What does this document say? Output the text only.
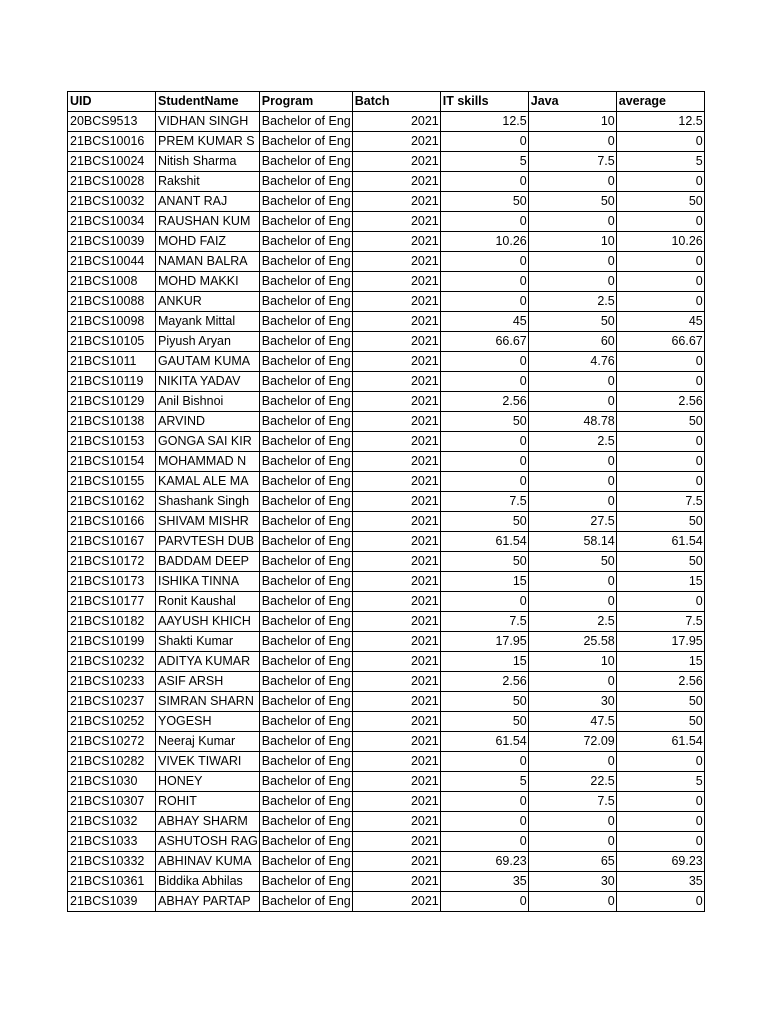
UID	StudentName	Program	Batch	IT skills	Java	average
20BCS9513	VIDHAN SINGH	Bachelor of Eng	2021	12.5	10	12.5
21BCS10016	PREM KUMAR S	Bachelor of Eng	2021	0	0	0
21BCS10024	Nitish Sharma	Bachelor of Eng	2021	5	7.5	5
21BCS10028	Rakshit	Bachelor of Eng	2021	0	0	0
21BCS10032	ANANT RAJ	Bachelor of Eng	2021	50	50	50
21BCS10034	RAUSHAN KUM	Bachelor of Eng	2021	0	0	0
21BCS10039	MOHD FAIZ	Bachelor of Eng	2021	10.26	10	10.26
21BCS10044	NAMAN BALRA	Bachelor of Eng	2021	0	0	0
21BCS1008	MOHD MAKKI	Bachelor of Eng	2021	0	0	0
21BCS10088	ANKUR	Bachelor of Eng	2021	0	2.5	0
21BCS10098	Mayank Mittal	Bachelor of Eng	2021	45	50	45
21BCS10105	Piyush Aryan	Bachelor of Eng	2021	66.67	60	66.67
21BCS1011	GAUTAM KUMA	Bachelor of Eng	2021	0	4.76	0
21BCS10119	NIKITA YADAV	Bachelor of Eng	2021	0	0	0
21BCS10129	Anil Bishnoi	Bachelor of Eng	2021	2.56	0	2.56
21BCS10138	ARVIND	Bachelor of Eng	2021	50	48.78	50
21BCS10153	GONGA SAI KIR	Bachelor of Eng	2021	0	2.5	0
21BCS10154	MOHAMMAD N	Bachelor of Eng	2021	0	0	0
21BCS10155	KAMAL ALE MA	Bachelor of Eng	2021	0	0	0
21BCS10162	Shashank Singh	Bachelor of Eng	2021	7.5	0	7.5
21BCS10166	SHIVAM MISHR	Bachelor of Eng	2021	50	27.5	50
21BCS10167	PARVTESH DUB	Bachelor of Eng	2021	61.54	58.14	61.54
21BCS10172	BADDAM DEEP	Bachelor of Eng	2021	50	50	50
21BCS10173	ISHIKA TINNA	Bachelor of Eng	2021	15	0	15
21BCS10177	Ronit Kaushal	Bachelor of Eng	2021	0	0	0
21BCS10182	AAYUSH KHICH	Bachelor of Eng	2021	7.5	2.5	7.5
21BCS10199	Shakti Kumar	Bachelor of Eng	2021	17.95	25.58	17.95
21BCS10232	ADITYA KUMAR	Bachelor of Eng	2021	15	10	15
21BCS10233	ASIF ARSH	Bachelor of Eng	2021	2.56	0	2.56
21BCS10237	SIMRAN SHARN	Bachelor of Eng	2021	50	30	50
21BCS10252	YOGESH	Bachelor of Eng	2021	50	47.5	50
21BCS10272	Neeraj Kumar	Bachelor of Eng	2021	61.54	72.09	61.54
21BCS10282	VIVEK TIWARI	Bachelor of Eng	2021	0	0	0
21BCS1030	HONEY	Bachelor of Eng	2021	5	22.5	5
21BCS10307	ROHIT	Bachelor of Eng	2021	0	7.5	0
21BCS1032	ABHAY SHARM	Bachelor of Eng	2021	0	0	0
21BCS1033	ASHUTOSH RAG	Bachelor of Eng	2021	0	0	0
21BCS10332	ABHINAV KUMA	Bachelor of Eng	2021	69.23	65	69.23
21BCS10361	Biddika Abhilas	Bachelor of Eng	2021	35	30	35
21BCS1039	ABHAY PARTAP	Bachelor of Eng	2021	0	0	0
